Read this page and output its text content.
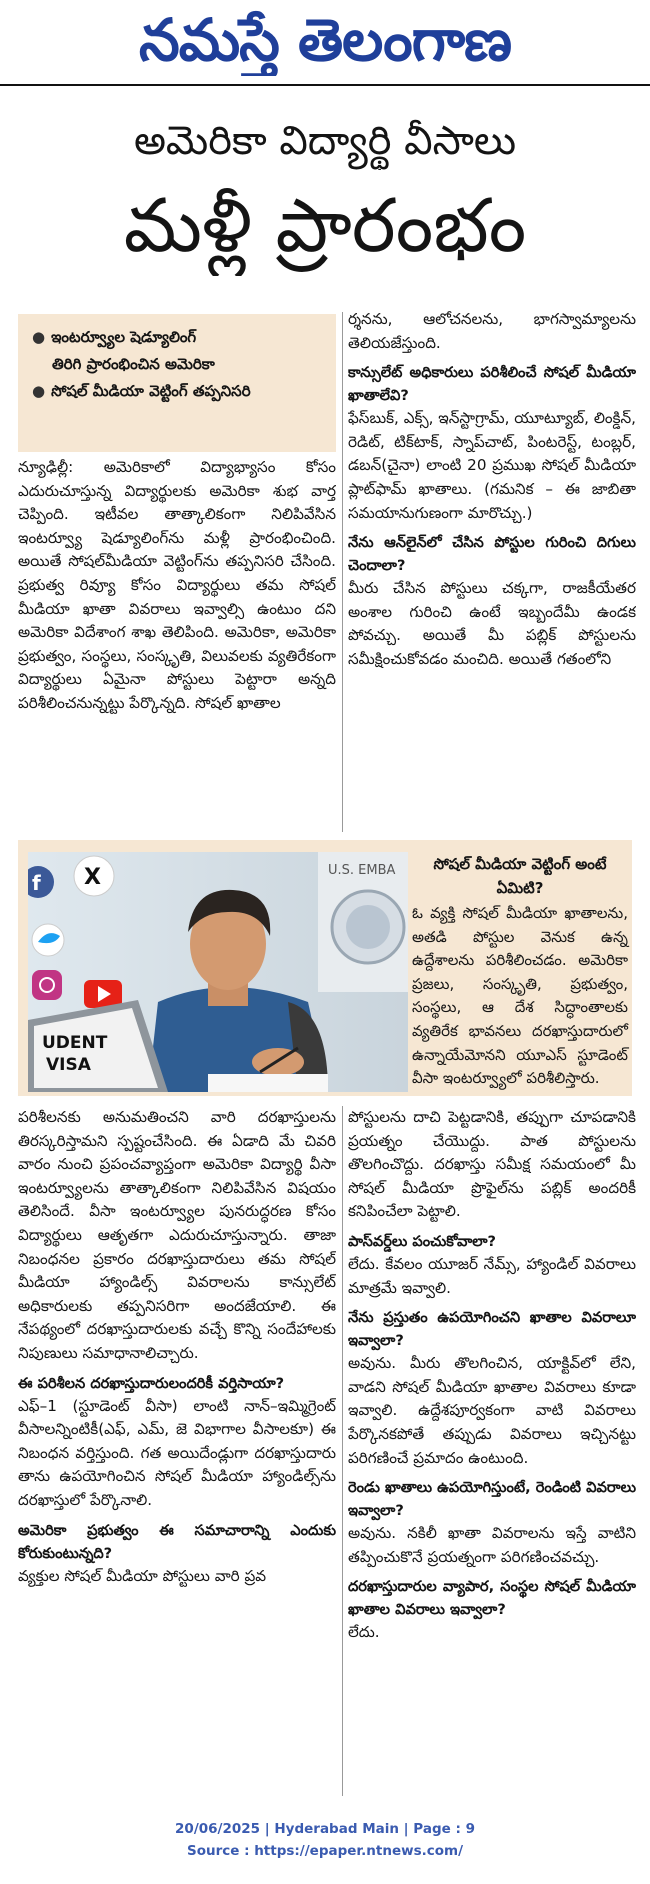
నమస్తే తెలంగాణ
అమెరికా విద్యార్థి వీసాలు
మళ్లీ ప్రారంభం
● ఇంటర్వ్యూల షెడ్యూలింగ్
తిరిగి ప్రారంభించిన అమెరికా
● సోషల్ మీడియా వెట్టింగ్ తప్పనిసరి

న్యూఢిల్లీ: అమెరికాలో విద్యాభ్యాసం కోసం ఎదురుచూస్తున్న విద్యార్థులకు అమెరికా శుభ వార్త చెప్పింది. ఇటీవల తాత్కాలికంగా నిలిపివేసిన ఇంటర్వ్యూ షెడ్యూలింగ్‌ను మళ్లీ ప్రారంభించింది. అయితే సోషల్‌మీడియా వెట్టింగ్‌ను తప్పనిసరి చేసింది. ప్రభుత్వ రివ్యూ కోసం విద్యార్థులు తమ సోషల్ మీడియా ఖాతా వివరాలు ఇవ్వాల్సి ఉంటుం దని అమెరికా విదేశాంగ శాఖ తెలిపింది. అమెరికా, అమెరికా ప్రభుత్వం, సంస్థలు, సంస్కృతి, విలువలకు వ్యతిరేకంగా విద్యార్థులు ఏమైనా పోస్టులు పెట్టారా అన్నది పరిశీలించనున్నట్టు పేర్కొన్నది. సోషల్ ఖాతాల

ర్శనను, ఆలోచనలను, భాగస్వామ్యాలను తెలియజేస్తుంది.

కాన్సులేట్ అధికారులు పరిశీలించే సోషల్ మీడియా ఖాతాలేవి?

ఫేస్‌బుక్, ఎక్స్, ఇన్‌స్టాగ్రామ్, యూట్యూబ్, లింక్డిన్, రెడిట్, టిక్‌టాక్, స్నాప్‌చాట్, పింటరెస్ట్, టంబ్లర్, డబన్(చైనా) లాంటి 20 ప్రముఖ సోషల్ మీడియా ప్లాట్‌ఫామ్ ఖాతాలు. (గమనిక – ఈ జాబితా సమయానుగుణంగా మారొచ్చు.)

నేను ఆన్‌లైన్‌లో చేసిన పోస్టుల గురించి దిగులు చెందాలా?

మీరు చేసిన పోస్టులు చక్కగా, రాజకీయేతర అంశాల గురించి ఉంటే ఇబ్బందేమీ ఉండక పోవచ్చు. అయితే మీ పబ్లిక్ పోస్టులను సమీక్షించుకోవడం మంచిది. అయితే గతంలోని

U.S. EMBA
f X
UDENT
VISA
సోషల్ మీడియా వెట్టింగ్ అంటే ఏమిటి?
ఓ వ్యక్తి సోషల్ మీడియా ఖాతాలను, అతడి పోస్టుల వెనుక ఉన్న ఉద్దేశాలను పరిశీలించడం. అమెరికా ప్రజలు, సంస్కృతి, ప్రభుత్వం, సంస్థలు, ఆ దేశ సిద్ధాంతాలకు వ్యతిరేక భావనలు దరఖాస్తుదారులో ఉన్నాయేమోనని యూఎస్ స్టూడెంట్ వీసా ఇంటర్వ్యూలో పరిశీలిస్తారు.

పరిశీలనకు అనుమతించని వారి దరఖాస్తులను తిరస్కరిస్తామని స్పష్టంచేసింది. ఈ ఏడాది మే చివరి వారం నుంచి ప్రపంచవ్యాప్తంగా అమెరికా విద్యార్థి వీసా ఇంటర్వ్యూలను తాత్కాలికంగా నిలిపివేసిన విషయం తెలిసిందే. వీసా ఇంటర్వ్యూల పునరుద్ధరణ కోసం విద్యార్థులు ఆతృతగా ఎదురుచూస్తున్నారు. తాజా నిబంధనల ప్రకారం దరఖాస్తుదారులు తమ సోషల్ మీడియా హ్యాండిల్స్ వివరాలను కాన్సులేట్ అధికారులకు తప్పనిసరిగా అందజేయాలి. ఈ నేపథ్యంలో దరఖాస్తుదారులకు వచ్చే కొన్ని సందేహాలకు నిపుణులు సమాధానాలిచ్చారు.

ఈ పరిశీలన దరఖాస్తుదారులందరికీ వర్తిసాయా?

ఎఫ్–1 (స్టూడెంట్ వీసా) లాంటి నాన్–ఇమ్మిగ్రెంట్ వీసాలన్నింటికీ(ఎఫ్, ఎమ్, జె విభాగాల వీసాలకూ) ఈ నిబంధన వర్తిస్తుంది. గత అయిదేండ్లుగా దరఖాస్తుదారు తాను ఉపయోగించిన సోషల్ మీడియా హ్యాండిల్స్‌ను దరఖాస్తులో పేర్కొనాలి.

అమెరికా ప్రభుత్వం ఈ సమాచారాన్ని ఎందుకు కోరుకుంటున్నది?

వ్యక్తుల సోషల్ మీడియా పోస్టులు వారి ప్రవ

పోస్టులను దాచి పెట్టడానికి, తప్పుగా చూపడానికి ప్రయత్నం చేయొద్దు. పాత పోస్టులను తొలగించొద్దు. దరఖాస్తు సమీక్ష సమయంలో మీ సోషల్ మీడియా ప్రొఫైల్‌ను పబ్లిక్ అందరికీ కనిపించేలా పెట్టాలి.

పాస్‌వర్డ్‌లు పంచుకోవాలా?

లేదు. కేవలం యూజర్ నేమ్స్, హ్యాండిల్ వివరాలు మాత్రమే ఇవ్వాలి.

నేను ప్రస్తుతం ఉపయోగించని ఖాతాల వివరాలూ ఇవ్వాలా?

అవును. మీరు తొలగించిన, యాక్టివ్‌లో లేని, వాడని సోషల్ మీడియా ఖాతాల వివరాలు కూడా ఇవ్వాలి. ఉద్దేశపూర్వకంగా వాటి వివరాలు పేర్కొనకపోతే తప్పుడు వివరాలు ఇచ్చినట్టు పరిగణించే ప్రమాదం ఉంటుంది.

రెండు ఖాతాలు ఉపయోగిస్తుంటే, రెండింటి వివరాలు ఇవ్వాలా?

అవును. నకిలీ ఖాతా వివరాలను ఇస్తే వాటిని తప్పించుకొనే ప్రయత్నంగా పరిగణించవచ్చు.

దరఖాస్తుదారుల వ్యాపార, సంస్థల సోషల్ మీడియా ఖాతాల వివరాలు ఇవ్వాలా?

లేదు.

20/06/2025 | Hyderabad Main | Page : 9
Source : https://epaper.ntnews.com/
